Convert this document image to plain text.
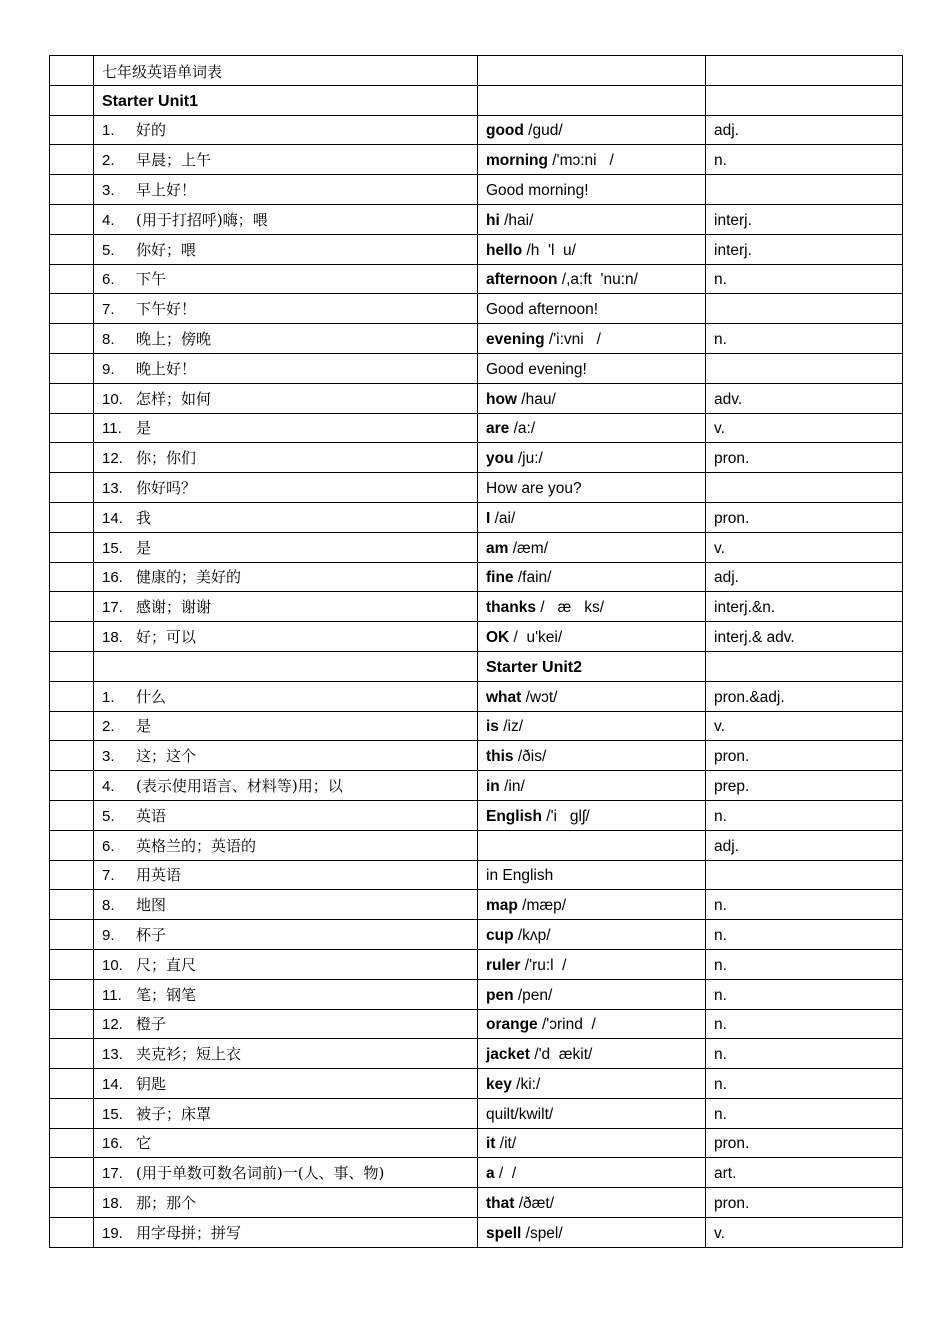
	七年级英语单词表		
	Starter Unit1		
	1. 好的	good /gud/	adj.
	2. 早晨；上午	morning /'mɔ:ni   /	n.
	3. 早上好！	Good morning!	
	4. (用于打招呼)嗨；喂	hi /hai/	interj.
	5. 你好；喂	hello /h  'l  u/	interj.
	6. 下午	afternoon /,a:ft  'nu:n/	n.
	7. 下午好！	Good afternoon!	
	8. 晚上；傍晚	evening /'i:vni   /	n.
	9. 晚上好！	Good evening!	
	10. 怎样；如何	how /hau/	adv.
	11. 是	are /a:/	v.
	12. 你；你们	you /ju:/	pron.
	13. 你好吗？	How are you?	
	14. 我	I /ai/	pron.
	15. 是	am /æm/	v.
	16. 健康的；美好的	fine /fain/	adj.
	17. 感谢；谢谢	thanks /   æ   ks/	interj.&n.
	18. 好；可以	OK /  u'kei/	interj.& adv.
		Starter Unit2	
	1. 什么	what /wɔt/	pron.&adj.
	2. 是	is /iz/	v.
	3. 这；这个	this /ðis/	pron.
	4. (表示使用语言、材料等)用；以	in /in/	prep.
	5. 英语	English /'i   glʃ/	n.
	6. 英格兰的；英语的		adj.
	7. 用英语	in English	
	8. 地图	map /mæp/	n.
	9. 杯子	cup /kʌp/	n.
	10. 尺；直尺	ruler /'ru:l  /	n.
	11. 笔；钢笔	pen /pen/	n.
	12. 橙子	orange /'ɔrind  /	n.
	13. 夹克衫；短上衣	jacket /'d  ækit/	n.
	14. 钥匙	key /ki:/	n.
	15. 被子；床罩	quilt/kwilt/	n.
	16. 它	it /it/	pron.
	17. (用于单数可数名词前)一(人、事、物)	a /  /	art.
	18. 那；那个	that /ðæt/	pron.
	19. 用字母拼；拼写	spell /spel/	v.
